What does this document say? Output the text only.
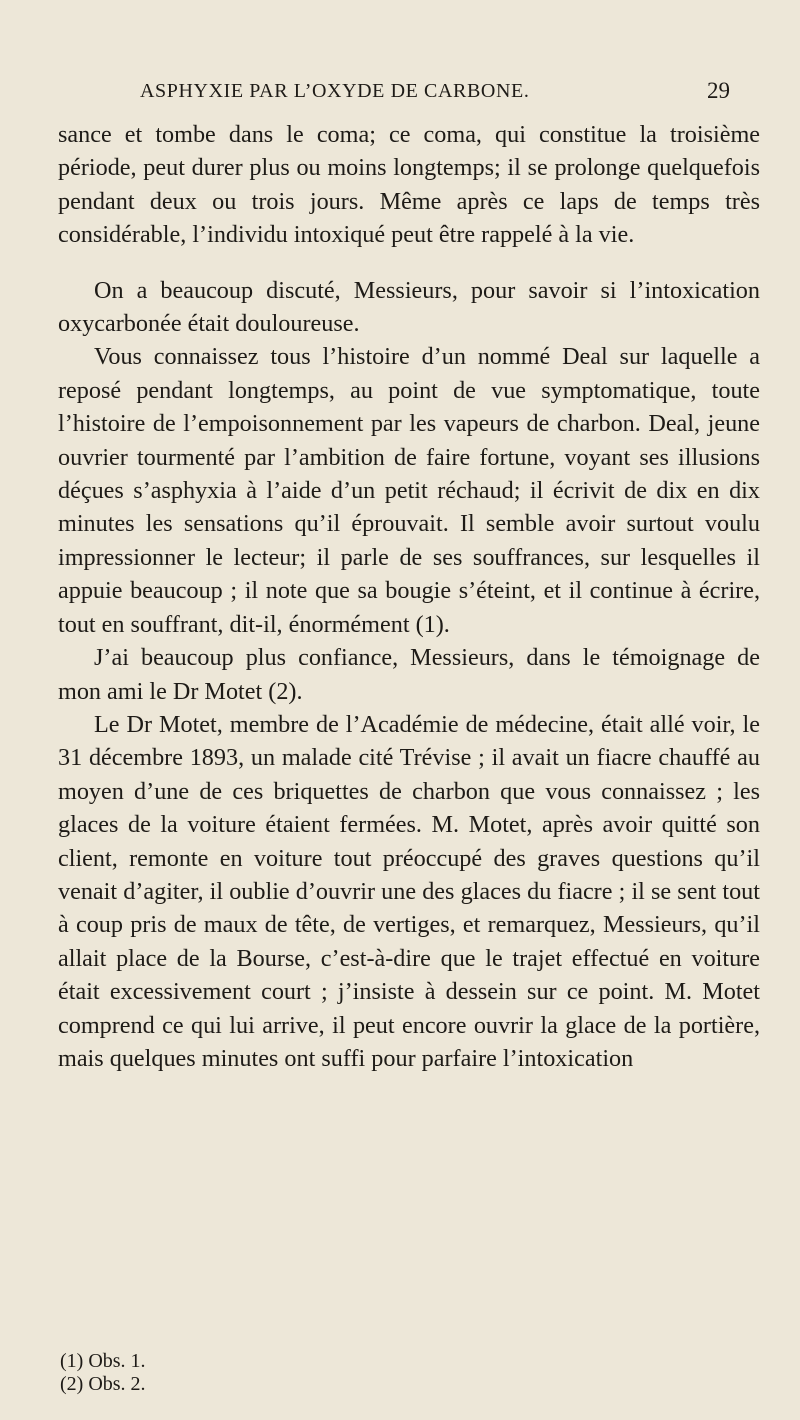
ASPHYXIE PAR L’OXYDE DE CARBONE.	29

sance et tombe dans le coma; ce coma, qui constitue la troisième période, peut durer plus ou moins longtemps; il se prolonge quelquefois pendant deux ou trois jours. Même après ce laps de temps très considérable, l’individu intoxiqué peut être rappelé à la vie.

On a beaucoup discuté, Messieurs, pour savoir si l’intoxication oxycarbonée était douloureuse.

Vous connaissez tous l’histoire d’un nommé Deal sur laquelle a reposé pendant longtemps, au point de vue symptomatique, toute l’histoire de l’empoisonnement par les vapeurs de charbon. Deal, jeune ouvrier tourmenté par l’ambition de faire fortune, voyant ses illusions déçues s’asphyxia à l’aide d’un petit réchaud; il écrivit de dix en dix minutes les sensations qu’il éprouvait. Il semble avoir surtout voulu impressionner le lecteur; il parle de ses souffrances, sur lesquelles il appuie beaucoup ; il note que sa bougie s’éteint, et il continue à écrire, tout en souffrant, dit-il, énormément (1).

J’ai beaucoup plus confiance, Messieurs, dans le témoignage de mon ami le Dr Motet (2).

Le Dr Motet, membre de l’Académie de médecine, était allé voir, le 31 décembre 1893, un malade cité Trévise ; il avait un fiacre chauffé au moyen d’une de ces briquettes de charbon que vous connaissez ; les glaces de la voiture étaient fermées. M. Motet, après avoir quitté son client, remonte en voiture tout préoccupé des graves questions qu’il venait d’agiter, il oublie d’ouvrir une des glaces du fiacre ; il se sent tout à coup pris de maux de tête, de vertiges, et remarquez, Messieurs, qu’il allait place de la Bourse, c’est-à-dire que le trajet effectué en voiture était excessivement court ; j’insiste à dessein sur ce point. M. Motet comprend ce qui lui arrive, il peut encore ouvrir la glace de la portière, mais quelques minutes ont suffi pour parfaire l’intoxication

(1) Obs. 1.
(2) Obs. 2.
